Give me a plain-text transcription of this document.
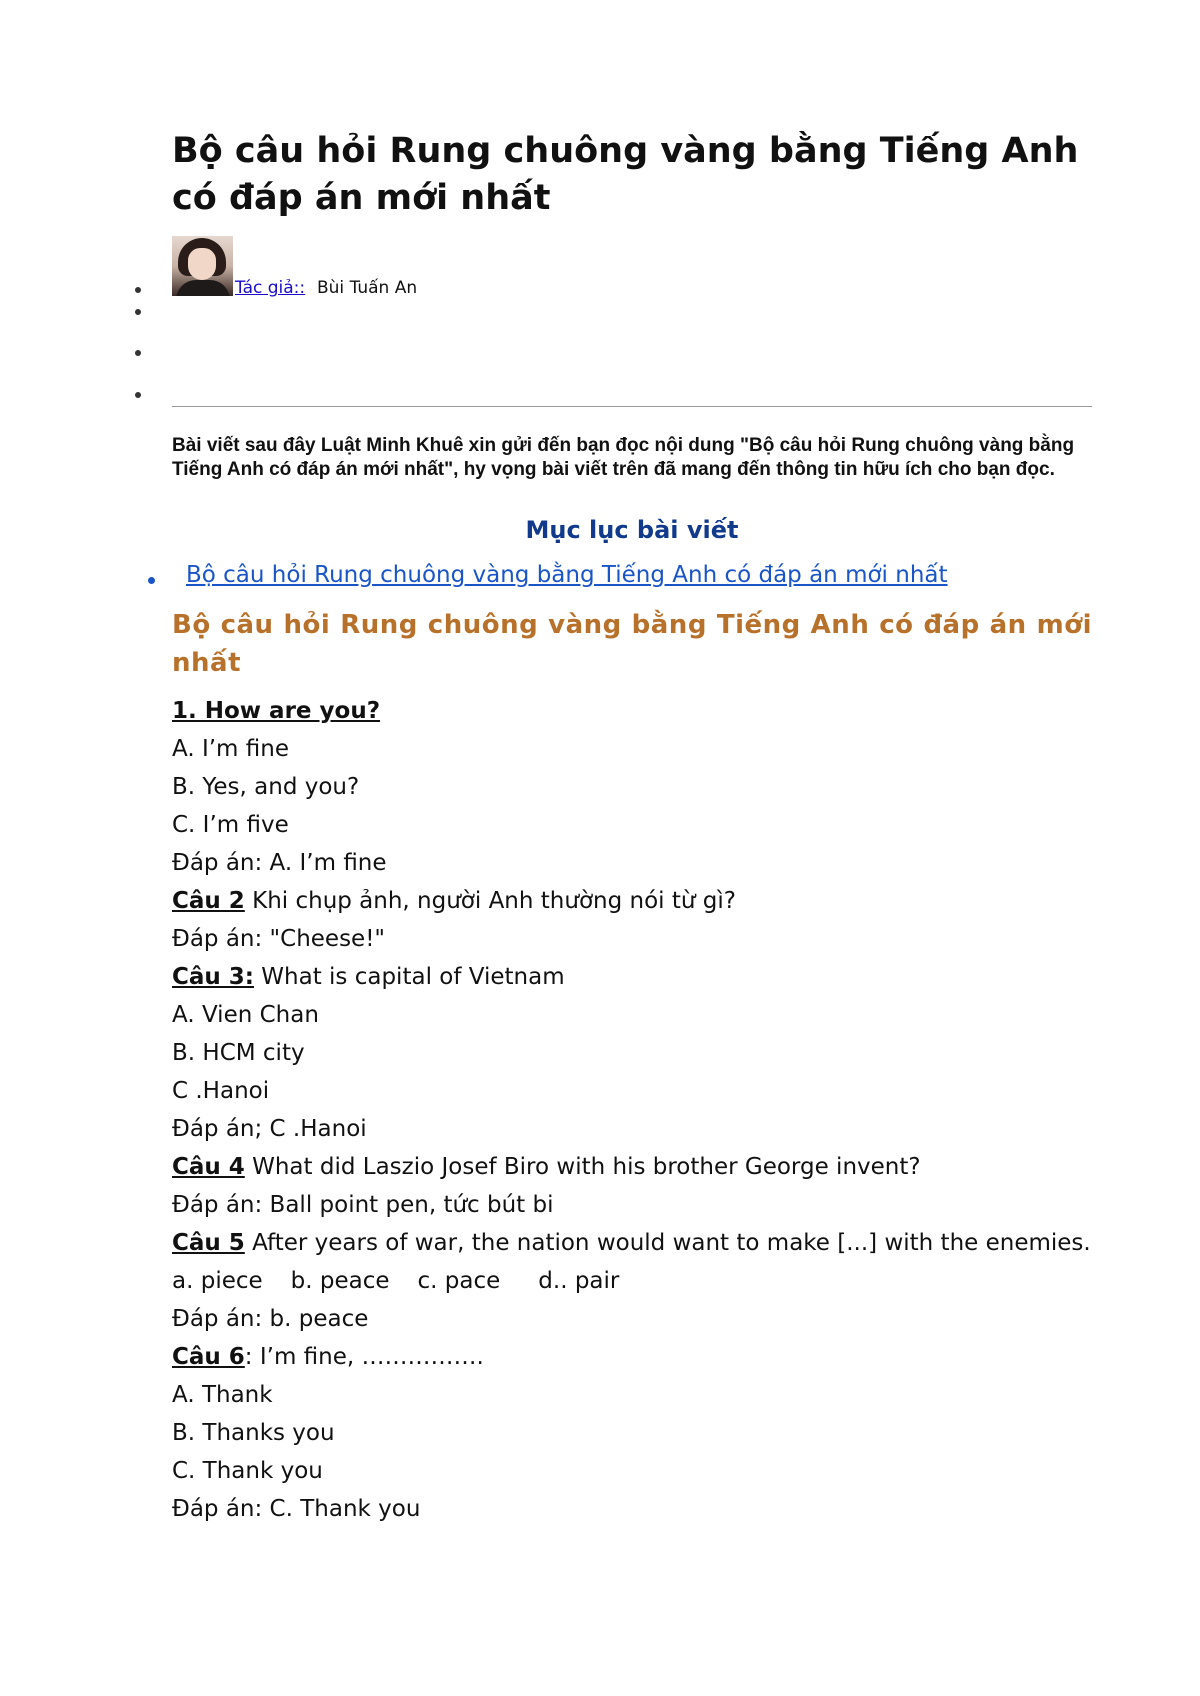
Bộ câu hỏi Rung chuông vàng bằng Tiếng Anh có đáp án mới nhất
Tác giả:: Bùi Tuấn An

Bài viết sau đây Luật Minh Khuê xin gửi đến bạn đọc nội dung "Bộ câu hỏi Rung chuông vàng bằng Tiếng Anh có đáp án mới nhất", hy vọng bài viết trên đã mang đến thông tin hữu ích cho bạn đọc.

Mục lục bài viết
Bộ câu hỏi Rung chuông vàng bằng Tiếng Anh có đáp án mới nhất
Bộ câu hỏi Rung chuông vàng bằng Tiếng Anh có đáp án mới nhất
1. How are you?
A. I’m fine
B. Yes, and you?
C. I’m five
Đáp án: A. I’m fine
Câu 2 Khi chụp ảnh, người Anh thường nói từ gì?
Đáp án: "Cheese!"
Câu 3: What is capital of Vietnam
A. Vien Chan
B. HCM city
C .Hanoi
Đáp án; C .Hanoi
Câu 4 What did Laszio Josef Biro with his brother George invent?
Đáp án: Ball point pen, tức bút bi
Câu 5 After years of war, the nation would want to make [...] with the enemies.
a. piece b. peace c. pace d.. pair
Đáp án: b. peace
Câu 6: I’m fine, …………….
A. Thank
B. Thanks you
C. Thank you
Đáp án: C. Thank you
